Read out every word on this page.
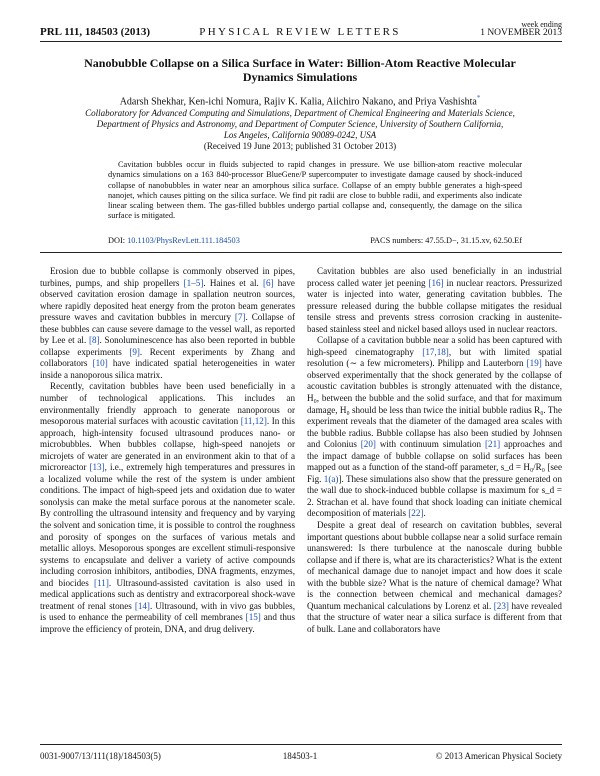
PRL 111, 184503 (2013)	PHYSICAL REVIEW LETTERS
week ending
1 NOVEMBER 2013
Nanobubble Collapse on a Silica Surface in Water: Billion-Atom Reactive Molecular
Dynamics Simulations
Adarsh Shekhar, Ken-ichi Nomura, Rajiv K. Kalia, Aiichiro Nakano, and Priya Vashishta*
Collaboratory for Advanced Computing and Simulations, Department of Chemical Engineering and Materials Science,
Department of Physics and Astronomy, and Department of Computer Science, University of Southern California,
Los Angeles, California 90089-0242, USA
(Received 19 June 2013; published 31 October 2013)
Cavitation bubbles occur in fluids subjected to rapid changes in pressure. We use billion-atom reactive molecular dynamics simulations on a 163 840-processor BlueGene/P supercomputer to investigate damage caused by shock-induced collapse of nanobubbles in water near an amorphous silica surface. Collapse of an empty bubble generates a high-speed nanojet, which causes pitting on the silica surface. We find pit radii are close to bubble radii, and experiments also indicate linear scaling between them. The gas-filled bubbles undergo partial collapse and, consequently, the damage on the silica surface is mitigated.
DOI: 10.1103/PhysRevLett.111.184503	PACS numbers: 47.55.D−, 31.15.xv, 62.50.Ef

Erosion due to bubble collapse is commonly observed in pipes, turbines, pumps, and ship propellers [1–5]. Haines et al. [6] have observed cavitation erosion damage in spallation neutron sources, where rapidly deposited heat energy from the proton beam generates pressure waves and cavitation bubbles in mercury [7]. Collapse of these bubbles can cause severe damage to the vessel wall, as reported by Lee et al. [8]. Sonoluminescence has also been reported in bubble collapse experiments [9]. Recent experiments by Zhang and collaborators [10] have indicated spatial heterogeneities in water inside a nanoporous silica matrix.

Recently, cavitation bubbles have been used beneficially in a number of technological applications. This includes an environmentally friendly approach to generate nanoporous or mesoporous material surfaces with acoustic cavitation [11,12]. In this approach, high-intensity focused ultrasound produces nano- or microbubbles. When bubbles collapse, high-speed nanojets or microjets of water are generated in an environment akin to that of a microreactor [13], i.e., extremely high temperatures and pressures in a localized volume while the rest of the system is under ambient conditions. The impact of high-speed jets and oxidation due to water sonolysis can make the metal surface porous at the nanometer scale. By controlling the ultrasound intensity and frequency and by varying the solvent and sonication time, it is possible to control the roughness and porosity of sponges on the surfaces of various metals and metallic alloys. Mesoporous sponges are excellent stimuli-responsive systems to encapsulate and deliver a variety of active compounds including corrosion inhibitors, antibodies, DNA fragments, enzymes, and biocides [11]. Ultrasound-assisted cavitation is also used in medical applications such as dentistry and extracorporeal shock-wave treatment of renal stones [14]. Ultrasound, with in vivo gas bubbles, is used to enhance the permeability of cell membranes [15] and thus improve the efficiency of protein, DNA, and drug delivery.

Cavitation bubbles are also used beneficially in an industrial process called water jet peening [16] in nuclear reactors. Pressurized water is injected into water, generating cavitation bubbles. The pressure released during the bubble collapse mitigates the residual tensile stress and prevents stress corrosion cracking in austenite-based stainless steel and nickel based alloys used in nuclear reactors.

Collapse of a cavitation bubble near a solid has been captured with high-speed cinematography [17,18], but with limited spatial resolution (∼ a few micrometers). Philipp and Lauterborn [19] have observed experimentally that the shock generated by the collapse of acoustic cavitation bubbles is strongly attenuated with the distance, H₀, between the bubble and the solid surface, and that for maximum damage, H₀ should be less than twice the initial bubble radius R₀. The experiment reveals that the diameter of the damaged area scales with the bubble radius. Bubble collapse has also been studied by Johnsen and Colonius [20] with continuum simulation [21] approaches and the impact damage of bubble collapse on solid surfaces has been mapped out as a function of the stand-off parameter, s_d = H₀/R₀ [see Fig. 1(a)]. These simulations also show that the pressure generated on the wall due to shock-induced bubble collapse is maximum for s_d = 2. Strachan et al. have found that shock loading can initiate chemical decomposition of materials [22].

Despite a great deal of research on cavitation bubbles, several important questions about bubble collapse near a solid surface remain unanswered: Is there turbulence at the nanoscale during bubble collapse and if there is, what are its characteristics? What is the extent of mechanical damage due to nanojet impact and how does it scale with the bubble size? What is the nature of chemical damage? What is the connection between chemical and mechanical damages? Quantum mechanical calculations by Lorenz et al. [23] have revealed that the structure of water near a silica surface is different from that of bulk. Lane and collaborators have

0031-9007/13/111(18)/184503(5)	184503-1	© 2013 American Physical Society
